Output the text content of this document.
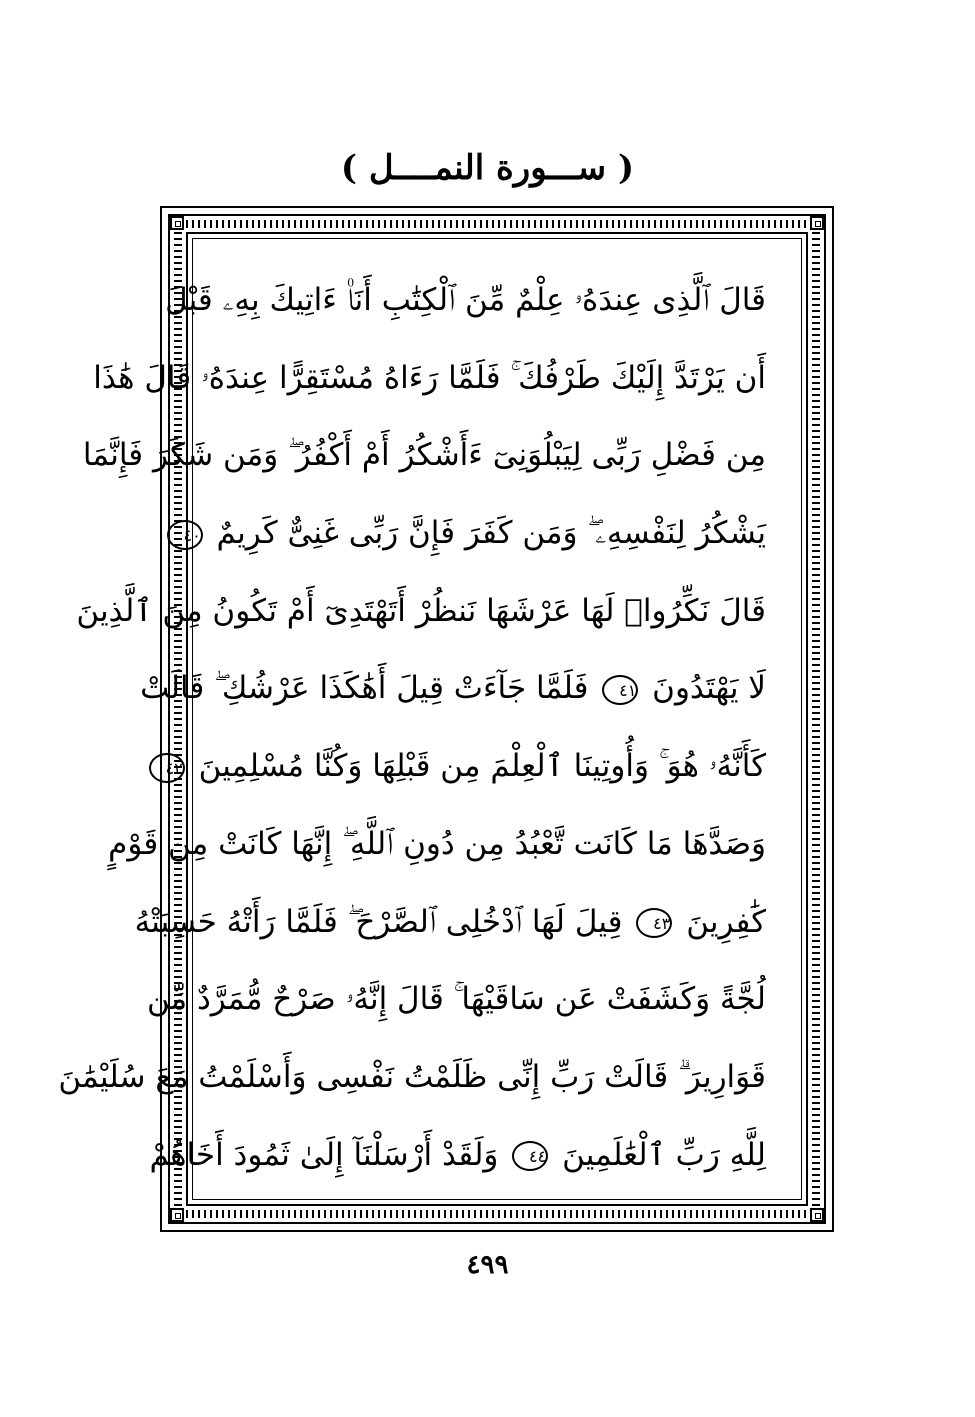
( ســـورة النمــــل )
قَالَ ٱلَّذِى عِندَهُۥ عِلْمٌ مِّنَ ٱلْكِتَٰبِ أَنَا۠ ءَاتِيكَ بِهِۦ قَبْلَ
أَن يَرْتَدَّ إِلَيْكَ طَرْفُكَ ۚ فَلَمَّا رَءَاهُ مُسْتَقِرًّا عِندَهُۥ قَالَ هَٰذَا
مِن فَضْلِ رَبِّى لِيَبْلُوَنِىٓ ءَأَشْكُرُ أَمْ أَكْفُرُ ۖ وَمَن شَكَرَ فَإِنَّمَا
يَشْكُرُ لِنَفْسِهِۦ ۖ وَمَن كَفَرَ فَإِنَّ رَبِّى غَنِىٌّ كَرِيمٌ ٤٠
قَالَ نَكِّرُوا۟ لَهَا عَرْشَهَا نَنظُرْ أَتَهْتَدِىٓ أَمْ تَكُونُ مِنَ ٱلَّذِينَ
لَا يَهْتَدُونَ ٤١ فَلَمَّا جَآءَتْ قِيلَ أَهَٰكَذَا عَرْشُكِ ۖ قَالَتْ
كَأَنَّهُۥ هُوَ ۚ وَأُوتِينَا ٱلْعِلْمَ مِن قَبْلِهَا وَكُنَّا مُسْلِمِينَ ٤٢
وَصَدَّهَا مَا كَانَت تَّعْبُدُ مِن دُونِ ٱللَّهِ ۖ إِنَّهَا كَانَتْ مِن قَوْمٍ
كَٰفِرِينَ ٤٣ قِيلَ لَهَا ٱدْخُلِى ٱلصَّرْحَ ۖ فَلَمَّا رَأَتْهُ حَسِبَتْهُ
لُجَّةً وَكَشَفَتْ عَن سَاقَيْهَا ۚ قَالَ إِنَّهُۥ صَرْحٌ مُّمَرَّدٌ مِّن
قَوَارِيرَ ۗ قَالَتْ رَبِّ إِنِّى ظَلَمْتُ نَفْسِى وَأَسْلَمْتُ مَعَ سُلَيْمَٰنَ
لِلَّهِ رَبِّ ٱلْعَٰلَمِينَ ٤٤ وَلَقَدْ أَرْسَلْنَآ إِلَىٰ ثَمُودَ أَخَاهُمْ
٤٩٩
